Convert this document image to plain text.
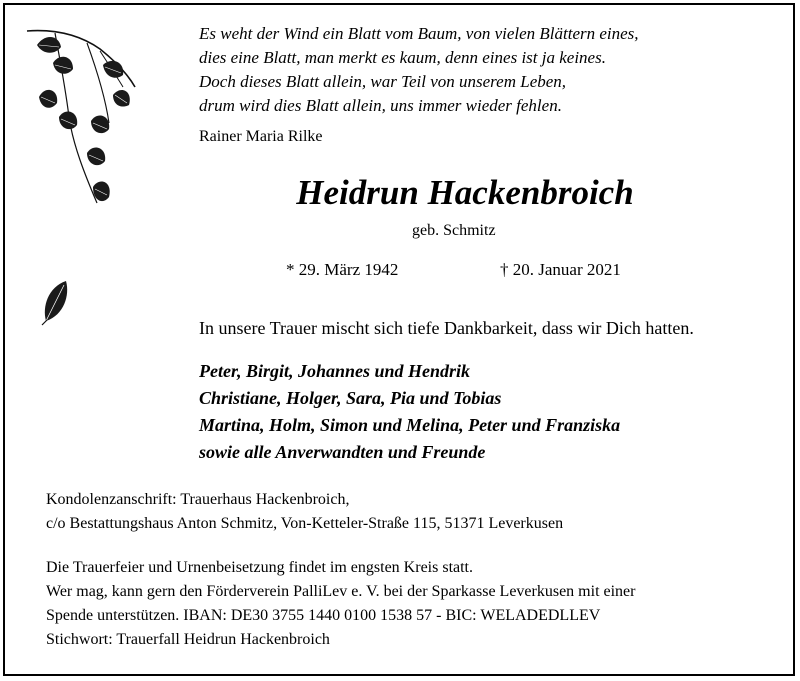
Es weht der Wind ein Blatt vom Baum, von vielen Blättern eines,
dies eine Blatt, man merkt es kaum, denn eines ist ja keines.
Doch dieses Blatt allein, war Teil von unserem Leben,
drum wird dies Blatt allein, uns immer wieder fehlen.
Rainer Maria Rilke
Heidrun Hackenbroich
geb. Schmitz
* 29. März 1942	† 20. Januar 2021
In unsere Trauer mischt sich tiefe Dankbarkeit, dass wir Dich hatten.
Peter, Birgit, Johannes und Hendrik
Christiane, Holger, Sara, Pia und Tobias
Martina, Holm, Simon und Melina, Peter und Franziska
sowie alle Anverwandten und Freunde
Kondolenzanschrift: Trauerhaus Hackenbroich,
c/o Bestattungshaus Anton Schmitz, Von-Ketteler-Straße 115, 51371 Leverkusen
Die Trauerfeier und Urnenbeisetzung findet im engsten Kreis statt.
Wer mag, kann gern den Förderverein PalliLev e. V. bei der Sparkasse Leverkusen mit einer
Spende unterstützen. IBAN: DE30 3755 1440 0100 1538 57 - BIC: WELADEDLLEV
Stichwort: Trauerfall Heidrun Hackenbroich
